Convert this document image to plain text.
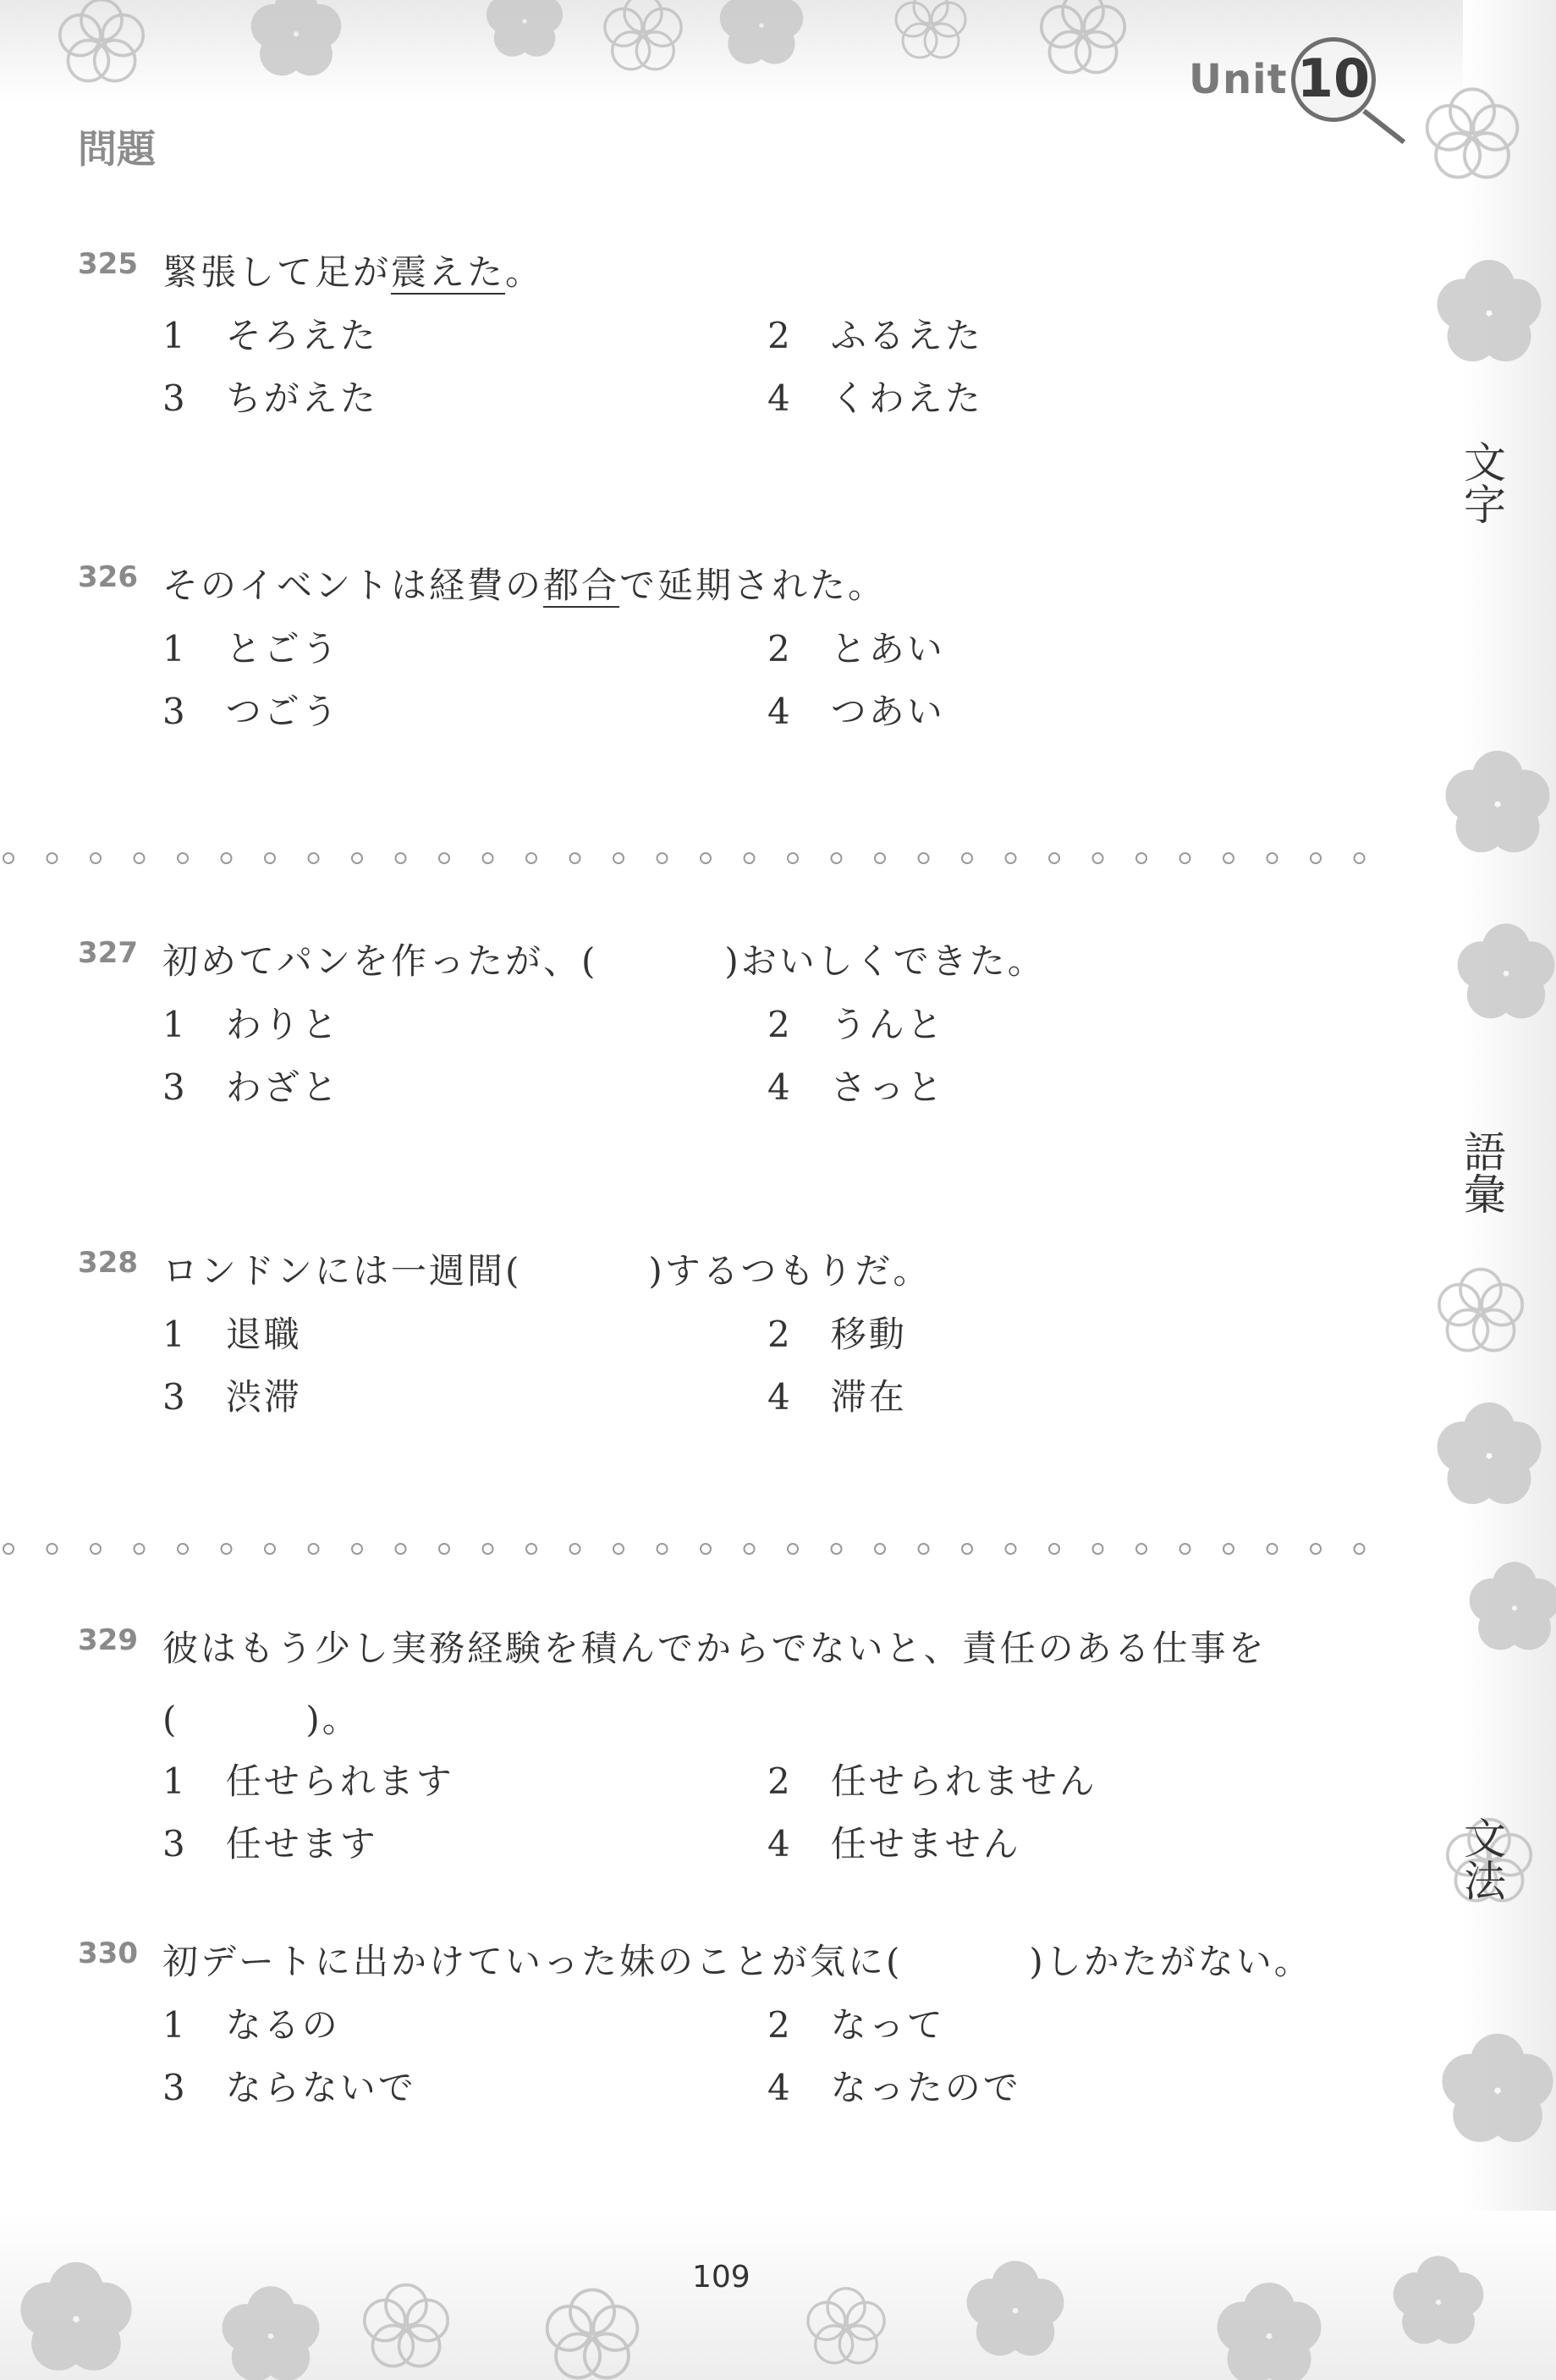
Unit 10
問題
文字
語彙
文法
325 緊張して足が震えた。
1　そろえた	2　ふるえた
3　ちがえた	4　くわえた
326 そのイベントは経費の都合で延期された。
1　とごう	2　とあい
3　つごう	4　つあい
327 初めてパンを作ったが、(	)おいしくできた。
1　わりと	2　うんと
3　わざと	4　さっと
328 ロンドンには一週間(	)するつもりだ。
1　退職	2　移動
3　渋滞	4　滞在
329 彼はもう少し実務経験を積んでからでないと、責任のある仕事を
(	)。
1　任せられます	2　任せられません
3　任せます	4　任せません
330 初デートに出かけていった妹のことが気に(	)しかたがない。
1　なるの	2　なって
3　ならないで	4　なったので
109
